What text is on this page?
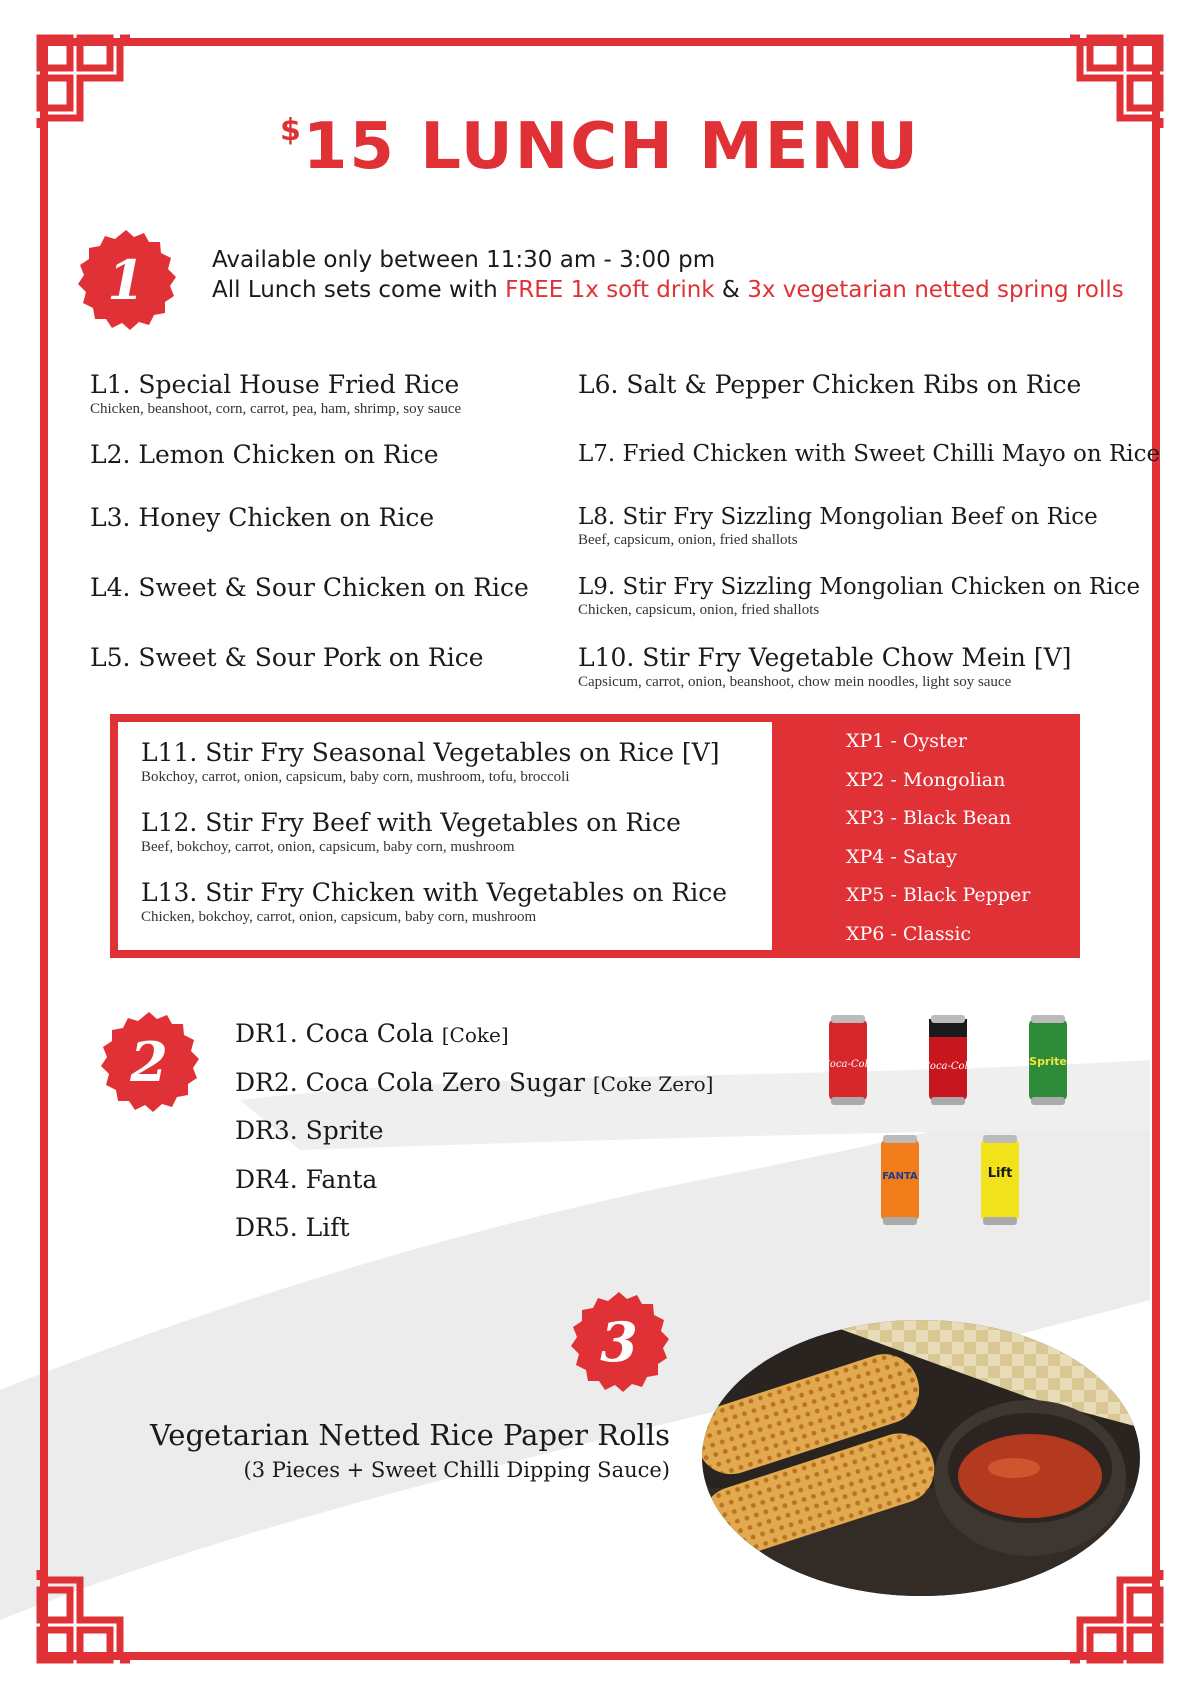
$15 LUNCH MENU
1	Available only between 11:30 am - 3:00 pm
All Lunch sets come with FREE 1x soft drink & 3x vegetarian netted spring rolls
L1. Special House Fried Rice
Chicken, beanshoot, corn, carrot, pea, ham, shrimp, soy sauce
L2. Lemon Chicken on Rice
L3. Honey Chicken on Rice
L4. Sweet & Sour Chicken on Rice
L5. Sweet & Sour Pork on Rice
L6. Salt & Pepper Chicken Ribs on Rice
L7. Fried Chicken with Sweet Chilli Mayo on Rice
L8. Stir Fry Sizzling Mongolian Beef on Rice
Beef, capsicum, onion, fried shallots
L9. Stir Fry Sizzling Mongolian Chicken on Rice
Chicken, capsicum, onion, fried shallots
L10. Stir Fry Vegetable Chow Mein [V]
Capsicum, carrot, onion, beanshoot, chow mein noodles, light soy sauce
L11. Stir Fry Seasonal Vegetables on Rice [V]
Bokchoy, carrot, onion, capsicum, baby corn, mushroom, tofu, broccoli
L12. Stir Fry Beef with Vegetables on Rice
Beef, bokchoy, carrot, onion, capsicum, baby corn, mushroom
L13. Stir Fry Chicken with Vegetables on Rice
Chicken, bokchoy, carrot, onion, capsicum, baby corn, mushroom
XP1 - Oyster
XP2 - Mongolian
XP3 - Black Bean
XP4 - Satay
XP5 - Black Pepper
XP6 - Classic
2	DR1. Coca Cola [Coke]
DR2. Coca Cola Zero Sugar [Coke Zero]
DR3. Sprite
DR4. Fanta
DR5. Lift
Coca-Cola	Coca-Cola	Sprite
FANTA	Lift
3
Vegetarian Netted Rice Paper Rolls
(3 Pieces + Sweet Chilli Dipping Sauce)
